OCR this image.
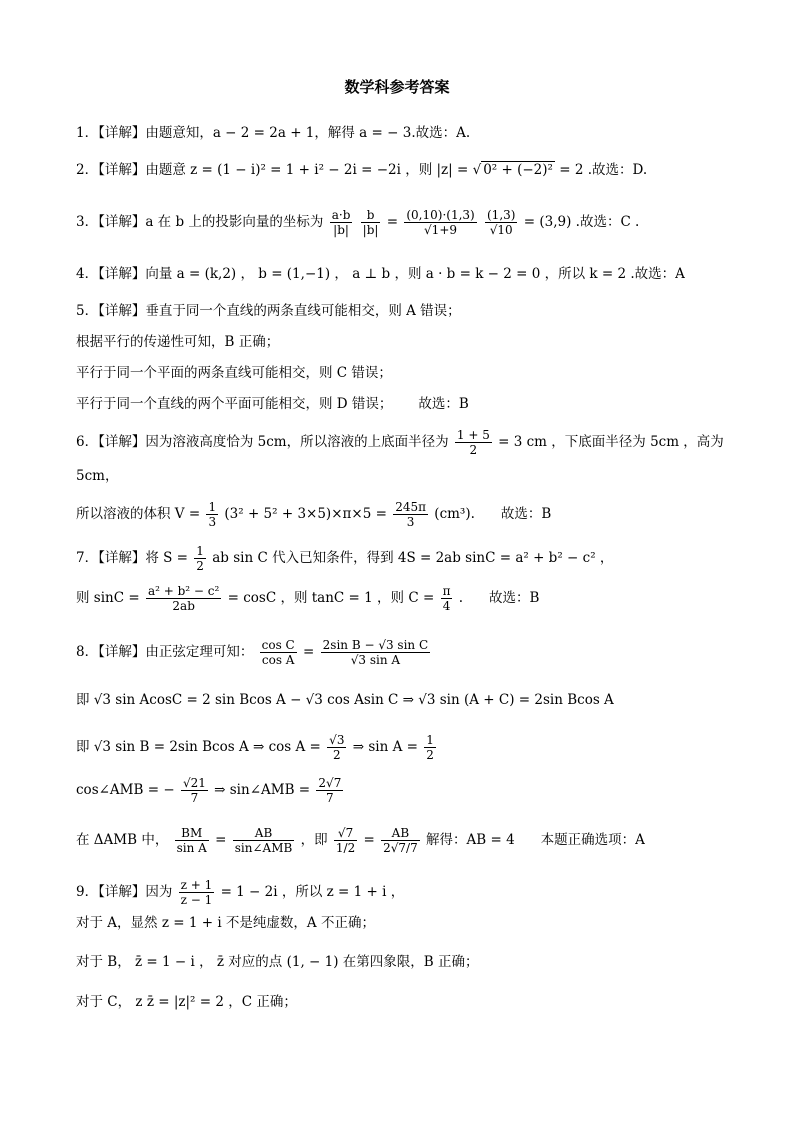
数学科参考答案
1．【详解】由题意知，a − 2 = 2a + 1，解得 a = − 3.故选：A.
2．【详解】由题意 z = (1 − i)² = 1 + i² − 2i = −2i ，则 |z| = √ 0² + (−2)² = 2 .故选：D.
3．【详解】a 在 b 上的投影向量的坐标为 $\frac{a\cdot b}{|b|}$
$\frac{b}{|b|} = \frac{(0,10)\cdot(1,3)}{√1+9}$
$\frac{(1,3)}{√10} = (3,9)$ .故选：C .
4．【详解】向量 a = (k,2) ， b = (1,−1) ， a ⊥ b ，则 a · b = k − 2 = 0 ，所以 k = 2 .故选：A
5．【详解】垂直于同一个直线的两条直线可能相交，则 A 错误；
根据平行的传递性可知，B 正确；
平行于同一个平面的两条直线可能相交，则 C 错误；
平行于同一个直线的两个平面可能相交，则 D 错误； 故选：B
6．【详解】因为溶液高度恰为 5cm，所以溶液的上底面半径为 $\frac{1 + 5}{2} = 3$ cm ，下底面半径为 5cm ，高为
5cm，
所以溶液的体积 $V = \frac{1}{3} (3^2 + 5^2 + 3\times 5)\times\pi\times 5 = \frac{245\pi}{3} (cm^3)$. 故选：B
7．【详解】将 $S = \frac{1}{2}$ ab sin C 代入已知条件，得到 4S = 2ab sinC = a² + b² − c² ，
则 $\sin C = \frac{\text{a² + b² − c²}}{2ab} = \cos C$ ，则 tanC = 1 ，则 $C = \frac{\pi}{4}$ . 故选：B
8．【详解】由正弦定理可知： $\frac{\text{cos C}}{\text{cos A}} = \frac{\text{2sin B − √3 sin C}}{\text{√3 sin A}}$
即 √3 sin AcosC = 2 sin Bcos A − √3 cos Asin C ⇒ √3 sin (A + C) = 2sin Bcos A
即 √3 sin B = 2sin Bcos A ⇒ $\cos A = \frac{√3}{2}$ ⇒ $\sin A = \frac{1}{2}$
cos∠AMB = − $\frac{√21}{7}$ ⇒ sin∠AMB = $\frac{2√7}{7}$
在 ΔAMB 中， $\frac{BM}{\text{sin A}} = \frac{AB}{\text{sin∠AMB}}$ ，即 $\frac{√7}{1/2} = \frac{AB}{2√7/7}$ 解得：AB = 4 本题正确选项：A
9．【详解】因为 $\frac{z + 1}{z - 1} = 1 - 2i$ ，所以 z = 1 + i ，
对于 A，显然 z = 1 + i 不是纯虚数，A 不正确；
对于 B， z̄ = 1 − i ， z̄ 对应的点 (1, − 1) 在第四象限，B 正确；
对于 C， z z̄ = |z|² = 2 ，C 正确；
